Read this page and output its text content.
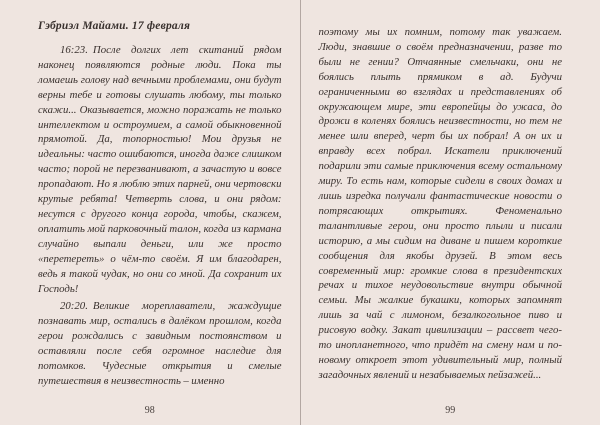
Гэбриэл Майами. 17 февраля

16:23. После долгих лет скитаний рядом наконец появляются родные люди. Пока ты ломаешь голову над вечными проблемами, они будут верны тебе и готовы слушать любому, ты только скажи... Оказывается, можно поражать не только интеллектом и остроумием, а самой обыкновенной прямотой. Да, топорностью! Мои друзья не идеальны: часто ошибаются, иногда даже слишком часто; порой не перезванивают, а зачастую и вовсе пропадают. Но я люблю этих парней, они чертовски крутые ребята! Четверть слова, и они рядом: несутся с другого конца города, чтобы, скажем, оплатить мой парковочный талон, когда из кармана случайно выпали деньги, или же просто «перетереть» о чём-то своём. Я им благодарен, ведь я такой чудак, но они со мной. Да сохранит их Господь!

20:20. Великие мореплаватели, жаждущие познавать мир, остались в далёком прошлом, когда герои рождались с завидным постоянством и оставляли после себя огромное наследие для потомков. Чудесные открытия и смелые путешествия в неизвестность – именно

98

поэтому мы их помним, потому так уважаем. Люди, знавшие о своём предназначении, разве то были не гении? Отчаянные смельчаки, они не боялись плыть прямиком в ад. Будучи ограниченными во взглядах и представлениях об окружающем мире, эти европейцы до ужаса, до дрожи в коленях боялись неизвестности, но тем не менее шли вперед, черт бы их побрал! А он их и вправду всех побрал. Искатели приключений подарили эти самые приключения всему остальному миру. То есть нам, которые сидели в своих домах и лишь изредка получали фантастические новости о потрясающих открытиях. Феноменально талантливые герои, они просто плыли и писали историю, а мы сидим на диване и пишем короткие сообщения для якобы друзей. В этом весь современный мир: громкие слова в президентских речах и тихое неудовольствие внутри обычной семьи. Мы жалкие букашки, которых запомнят лишь за чай с лимоном, безалкогольное пиво и рисовую водку. Закат цивилизации – рассвет чего-то инопланетного, что придёт на смену нам и по-новому откроет этот удивительный мир, полный загадочных явлений и незабываемых пейзажей...

99
